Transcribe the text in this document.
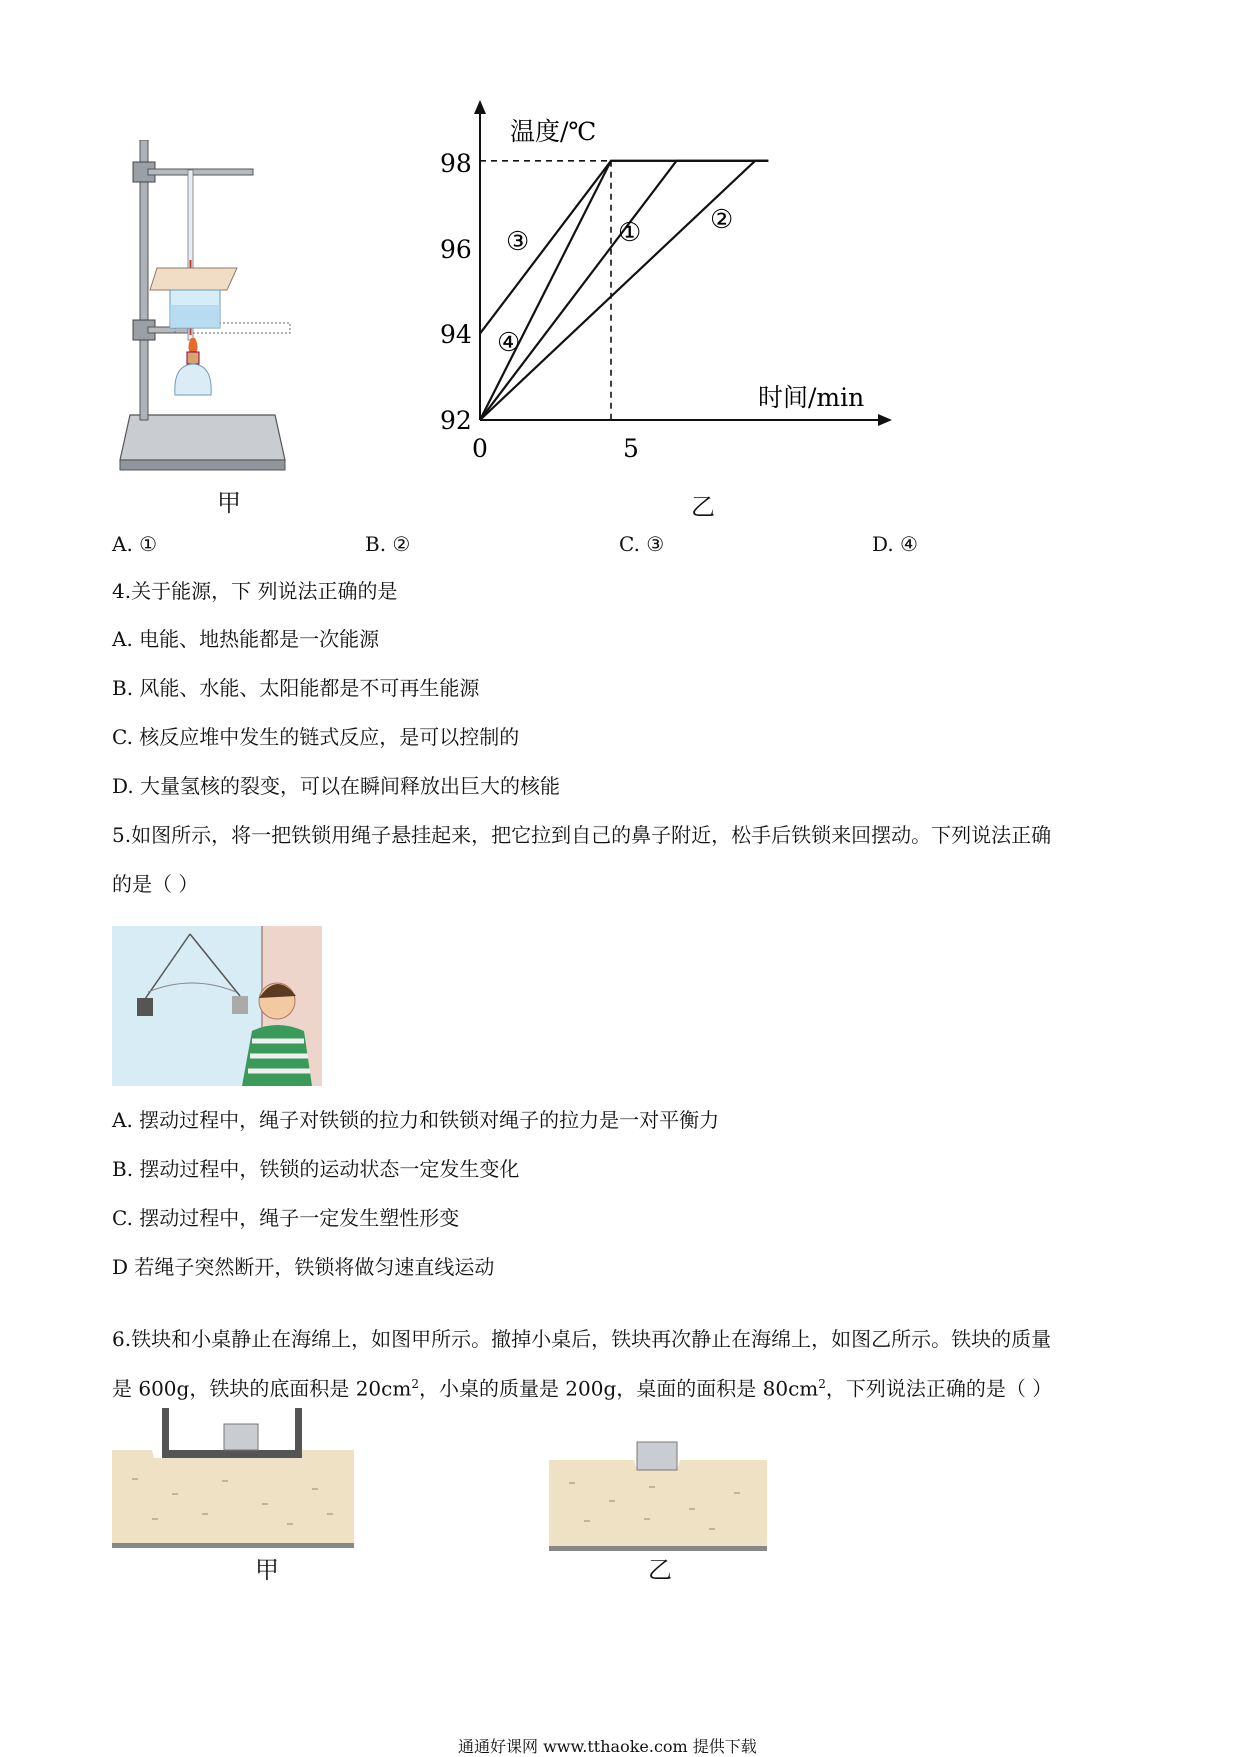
甲
温度/℃
时间/min
98
96
94
92
0	5
①	②
③
④
乙
A. ①	B. ②	C. ③	D. ④
4.关于能源，下 列说法正确的是
A. 电能、地热能都是一次能源
B. 风能、水能、太阳能都是不可再生能源
C. 核反应堆中发生的链式反应，是可以控制的
D. 大量氢核的裂变，可以在瞬间释放出巨大的核能
5.如图所示，将一把铁锁用绳子悬挂起来，把它拉到自己的鼻子附近，松手后铁锁来回摆动。下列说法正确
的是（ ）
A. 摆动过程中，绳子对铁锁的拉力和铁锁对绳子的拉力是一对平衡力
B. 摆动过程中，铁锁的运动状态一定发生变化
C. 摆动过程中，绳子一定发生塑性形变
D 若绳子突然断开，铁锁将做匀速直线运动
6.铁块和小桌静止在海绵上，如图甲所示。撤掉小桌后，铁块再次静止在海绵上，如图乙所示。铁块的质量
是 600g，铁块的底面积是 $20cm^2$，小桌的质量是 200g，桌面的面积是 $80cm^2$，下列说法正确的是（ ）
甲	乙
通通好课网 www.tthaoke.com 提供下载
